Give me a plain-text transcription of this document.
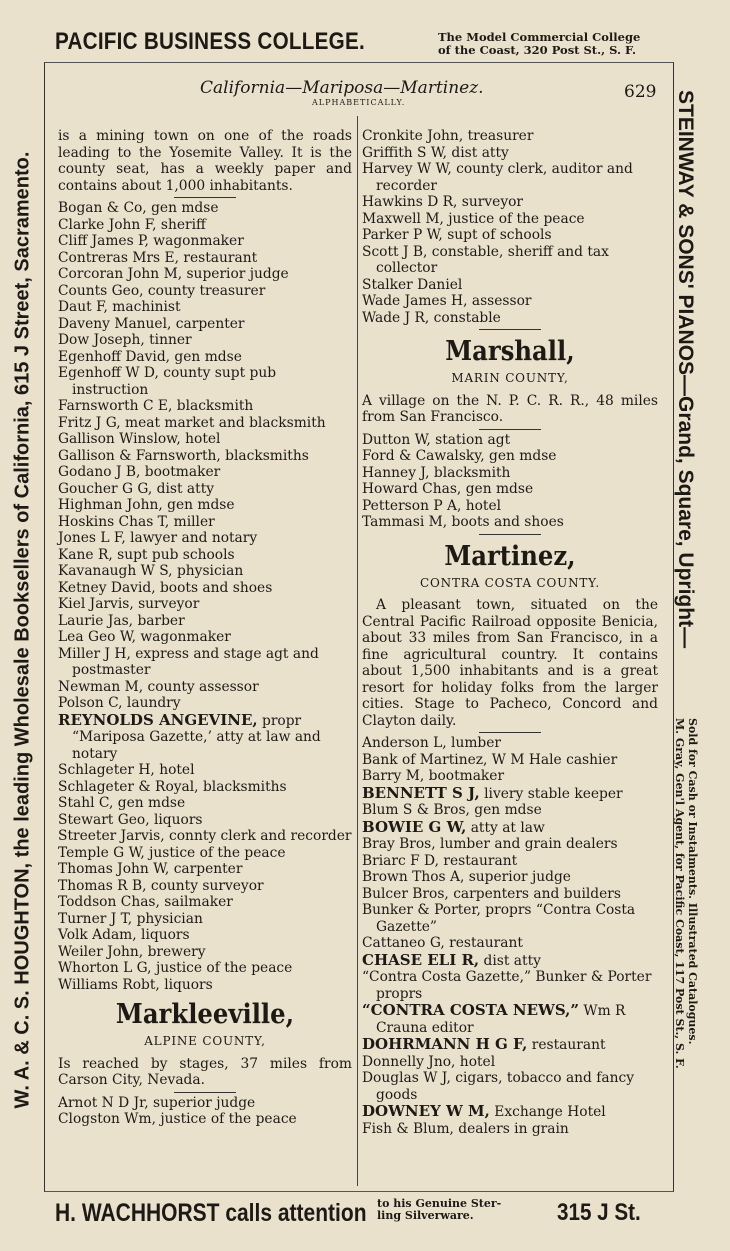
PACIFIC BUSINESS COLLEGE.	The Model Commercial College
of the Coast, 320 Post St., S. F.
W. A. & C. S. HOUGHTON, the leading Wholesale Booksellers of California, 615 J Street, Sacramento.	STEINWAY & SONS' PIANOS—Grand, Square, Upright—
Sold for Cash or Instalments. Illustrated Catalogues.
M. Gray, Gen'l Agent, for Pacific Coast, 117 Post St., S. F.
California—Mariposa—Martinez.
ALPHABETICALLY.
629

is a mining town on one of the roads leading to the Yosemite Valley. It is the county seat, has a weekly paper and contains about 1,000 inhabitants.

Bogan & Co, gen mdse

Clarke John F, sheriff

Cliff James P, wagonmaker

Contreras Mrs E, restaurant

Corcoran John M, superior judge

Counts Geo, county treasurer

Daut F, machinist

Daveny Manuel, carpenter

Dow Joseph, tinner

Egenhoff David, gen mdse

Egenhoff W D, county supt pub instruction

Farnsworth C E, blacksmith

Fritz J G, meat market and blacksmith

Gallison Winslow, hotel

Gallison & Farnsworth, blacksmiths

Godano J B, bootmaker

Goucher G G, dist atty

Highman John, gen mdse

Hoskins Chas T, miller

Jones L F, lawyer and notary

Kane R, supt pub schools

Kavanaugh W S, physician

Ketney David, boots and shoes

Kiel Jarvis, surveyor

Laurie Jas, barber

Lea Geo W, wagonmaker

Miller J H, express and stage agt and postmaster

Newman M, county assessor

Polson C, laundry

REYNOLDS ANGEVINE, propr “Mariposa Gazette,’ atty at law and notary

Schlageter H, hotel

Schlageter & Royal, blacksmiths

Stahl C, gen mdse

Stewart Geo, liquors

Streeter Jarvis, connty clerk and recorder

Temple G W, justice of the peace

Thomas John W, carpenter

Thomas R B, county surveyor

Toddson Chas, sailmaker

Turner J T, physician

Volk Adam, liquors

Weiler John, brewery

Whorton L G, justice of the peace

Williams Robt, liquors

Markleeville,
ALPINE COUNTY,

Is reached by stages, 37 miles from Carson City, Nevada.

Arnot N D Jr, superior judge

Clogston Wm, justice of the peace

Cronkite John, treasurer

Griffith S W, dist atty

Harvey W W, county clerk, auditor and recorder

Hawkins D R, surveyor

Maxwell M, justice of the peace

Parker P W, supt of schools

Scott J B, constable, sheriff and tax collector

Stalker Daniel

Wade James H, assessor

Wade J R, constable

Marshall,
MARIN COUNTY,

A village on the N. P. C. R. R., 48 miles from San Francisco.

Dutton W, station agt

Ford & Cawalsky, gen mdse

Hanney J, blacksmith

Howard Chas, gen mdse

Petterson P A, hotel

Tammasi M, boots and shoes

Martinez,
CONTRA COSTA COUNTY.

A pleasant town, situated on the Central Pacific Railroad opposite Benicia, about 33 miles from San Francisco, in a fine agricultural country. It contains about 1,500 inhabitants and is a great resort for holiday folks from the larger cities. Stage to Pacheco, Concord and Clayton daily.

Anderson L, lumber

Bank of Martinez, W M Hale cashier

Barry M, bootmaker

BENNETT S J, livery stable keeper

Blum S & Bros, gen mdse

BOWIE G W, atty at law

Bray Bros, lumber and grain dealers

Briarc F D, restaurant

Brown Thos A, superior judge

Bulcer Bros, carpenters and builders

Bunker & Porter, proprs “Contra Costa Gazette”

Cattaneo G, restaurant

CHASE ELI R, dist atty

“Contra Costa Gazette,” Bunker & Porter proprs

“CONTRA COSTA NEWS,” Wm R Crauna editor

DOHRMANN H G F, restaurant

Donnelly Jno, hotel

Douglas W J, cigars, tobacco and fancy goods

DOWNEY W M, Exchange Hotel

Fish & Blum, dealers in grain

H. WACHHORST calls attention to his Genuine Ster-
ling Silverware.	315 J St.
